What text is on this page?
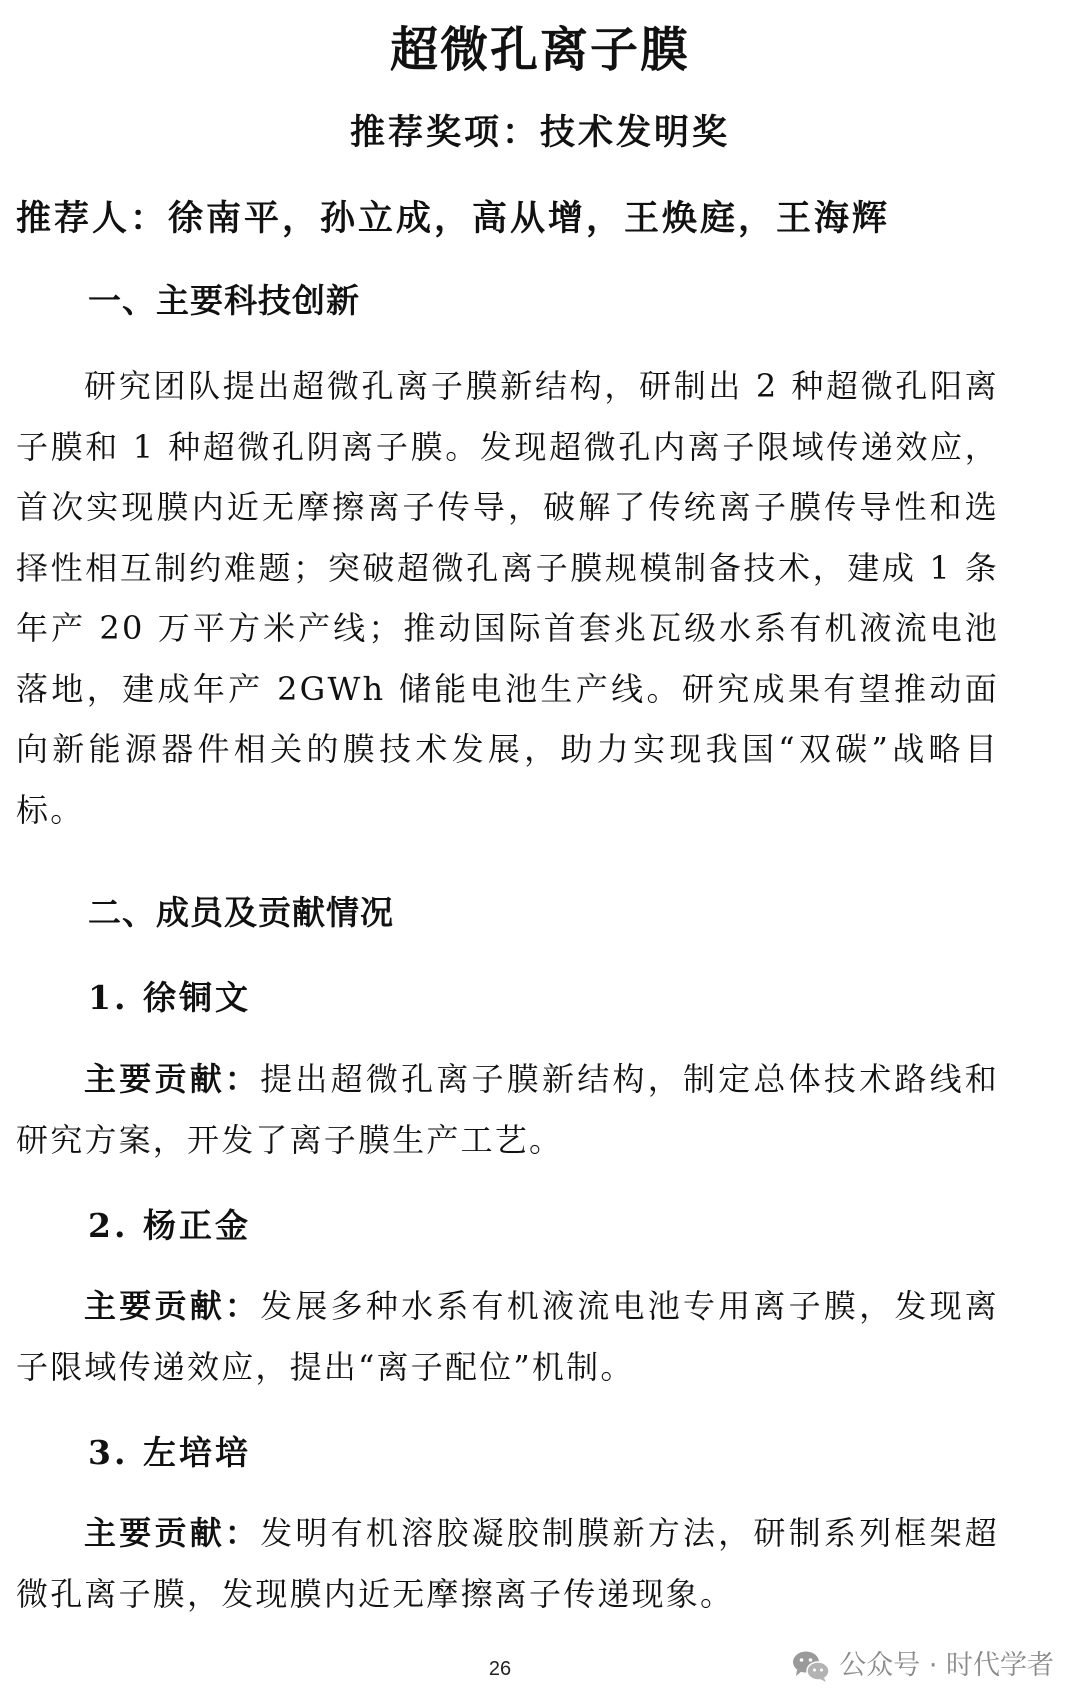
超微孔离子膜
推荐奖项：技术发明奖
推荐人：徐南平，孙立成，高从增，王焕庭，王海辉
一、主要科技创新

研究团队提出超微孔离子膜新结构，研制出 2 种超微孔阳离子膜和 1 种超微孔阴离子膜。发现超微孔内离子限域传递效应，首次实现膜内近无摩擦离子传导，破解了传统离子膜传导性和选择性相互制约难题；突破超微孔离子膜规模制备技术，建成 1 条年产 20 万平方米产线；推动国际首套兆瓦级水系有机液流电池落地，建成年产 2GWh 储能电池生产线。研究成果有望推动面向新能源器件相关的膜技术发展，助力实现我国“双碳”战略目标。

二、成员及贡献情况
1. 徐铜文

主要贡献：提出超微孔离子膜新结构，制定总体技术路线和研究方案，开发了离子膜生产工艺。

2. 杨正金

主要贡献：发展多种水系有机液流电池专用离子膜，发现离子限域传递效应，提出“离子配位”机制。

3. 左培培

主要贡献：发明有机溶胶凝胶制膜新方法，研制系列框架超微孔离子膜，发现膜内近无摩擦离子传递现象。

26	公众号 · 时代学者
